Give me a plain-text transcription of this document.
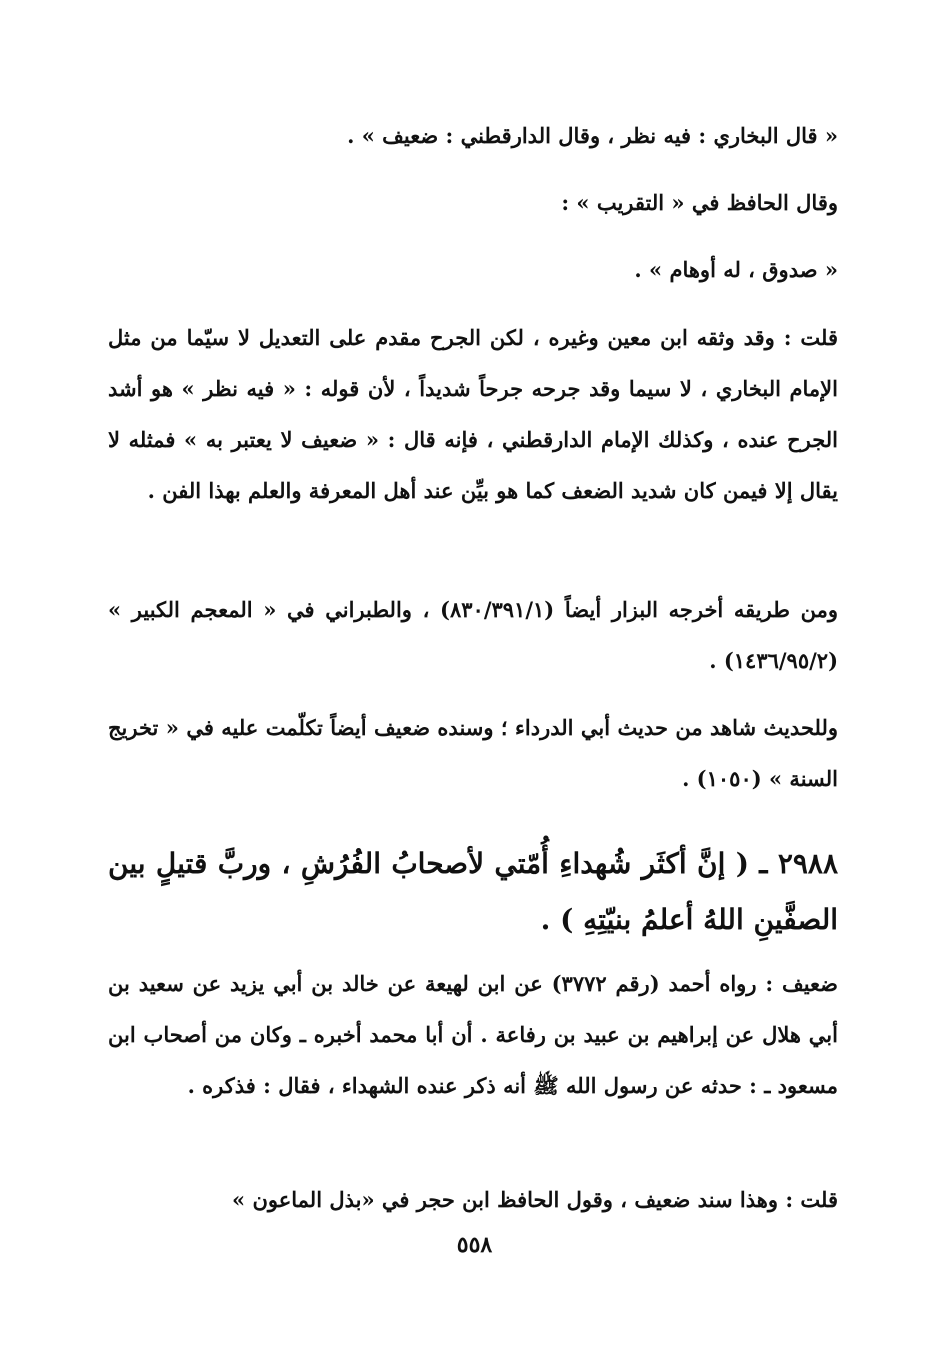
« قال البخاري : فيه نظر ، وقال الدارقطني : ضعيف » .

وقال الحافظ في « التقريب » :

« صدوق ، له أوهام » .

قلت : وقد وثقه ابن معين وغيره ، لكن الجرح مقدم على التعديل لا سيّما من مثل الإمام البخاري ، لا سيما وقد جرحه جرحاً شديداً ، لأن قوله : « فيه نظر » هو أشد الجرح عنده ، وكذلك الإمام الدارقطني ، فإنه قال : « ضعيف لا يعتبر به » فمثله لا يقال إلا فيمن كان شديد الضعف كما هو بيِّن عند أهل المعرفة والعلم بهذا الفن .

ومن طريقه أخرجه البزار أيضاً (٨٣٠/٣٩١/١) ، والطبراني في « المعجم الكبير » (١٤٣٦/٩٥/٢) .

وللحديث شاهد من حديث أبي الدرداء ؛ وسنده ضعيف أيضاً تكلّمت عليه في « تخريج السنة » (١٠٥٠) .

٢٩٨٨ ـ ( إنَّ أكثَر شُهداءِ أُمّتي لأصحابُ الفُرُشِ ، وربَّ قتيلٍ بين الصفَّينِ اللهُ أعلمُ بنيّتِهِ ) .

ضعيف : رواه أحمد (رقم ٣٧٧٢) عن ابن لهيعة عن خالد بن أبي يزيد عن سعيد بن أبي هلال عن إبراهيم بن عبيد بن رفاعة . أن أبا محمد أخبره ـ وكان من أصحاب ابن مسعود ـ : حدثه عن رسول الله ﷺ أنه ذكر عنده الشهداء ، فقال : فذكره .

قلت : وهذا سند ضعيف ، وقول الحافظ ابن حجر في «بذل الماعون »

٥٥٨
